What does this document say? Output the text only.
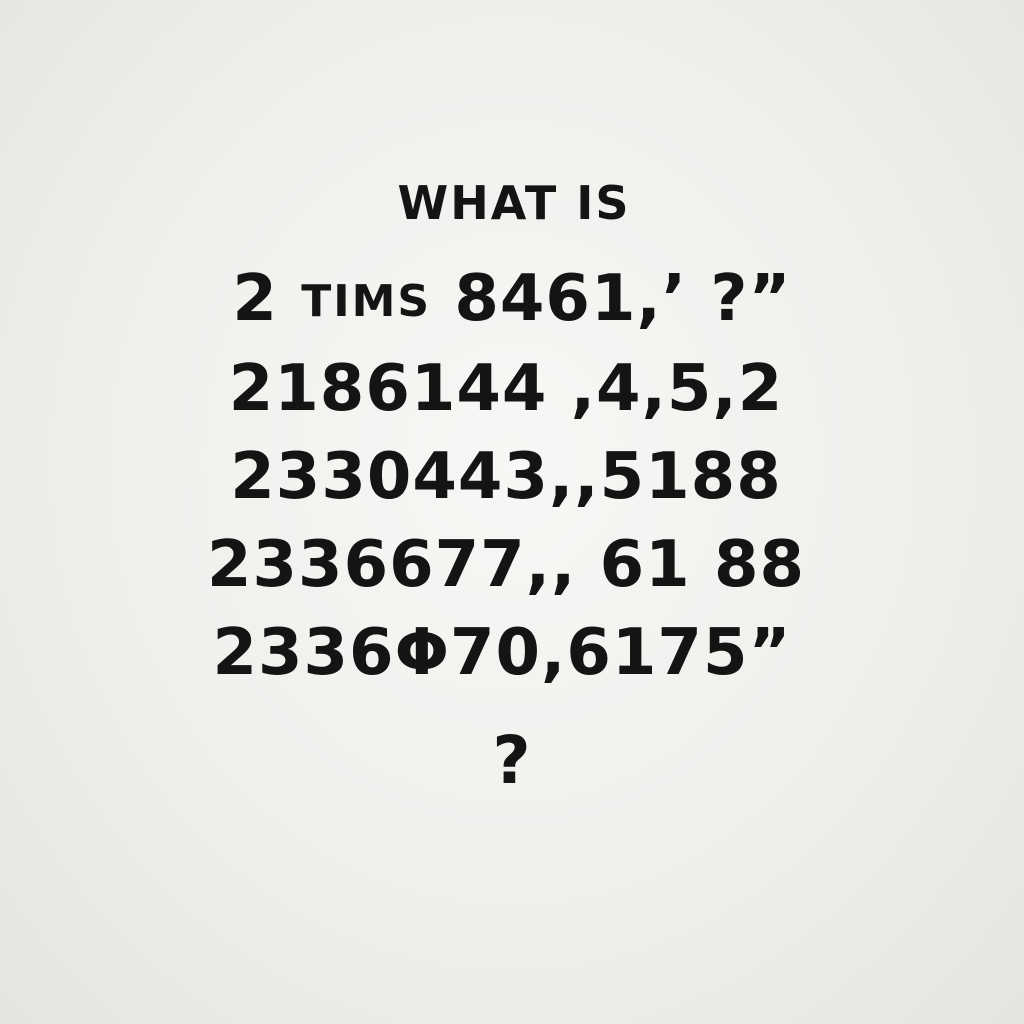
WHAT IS
2 TIMS 8461,’ ?”
2186144 ,4,5,2
2330443,,5188
2336677,, 61 88
2336Φ70,6175”
?
